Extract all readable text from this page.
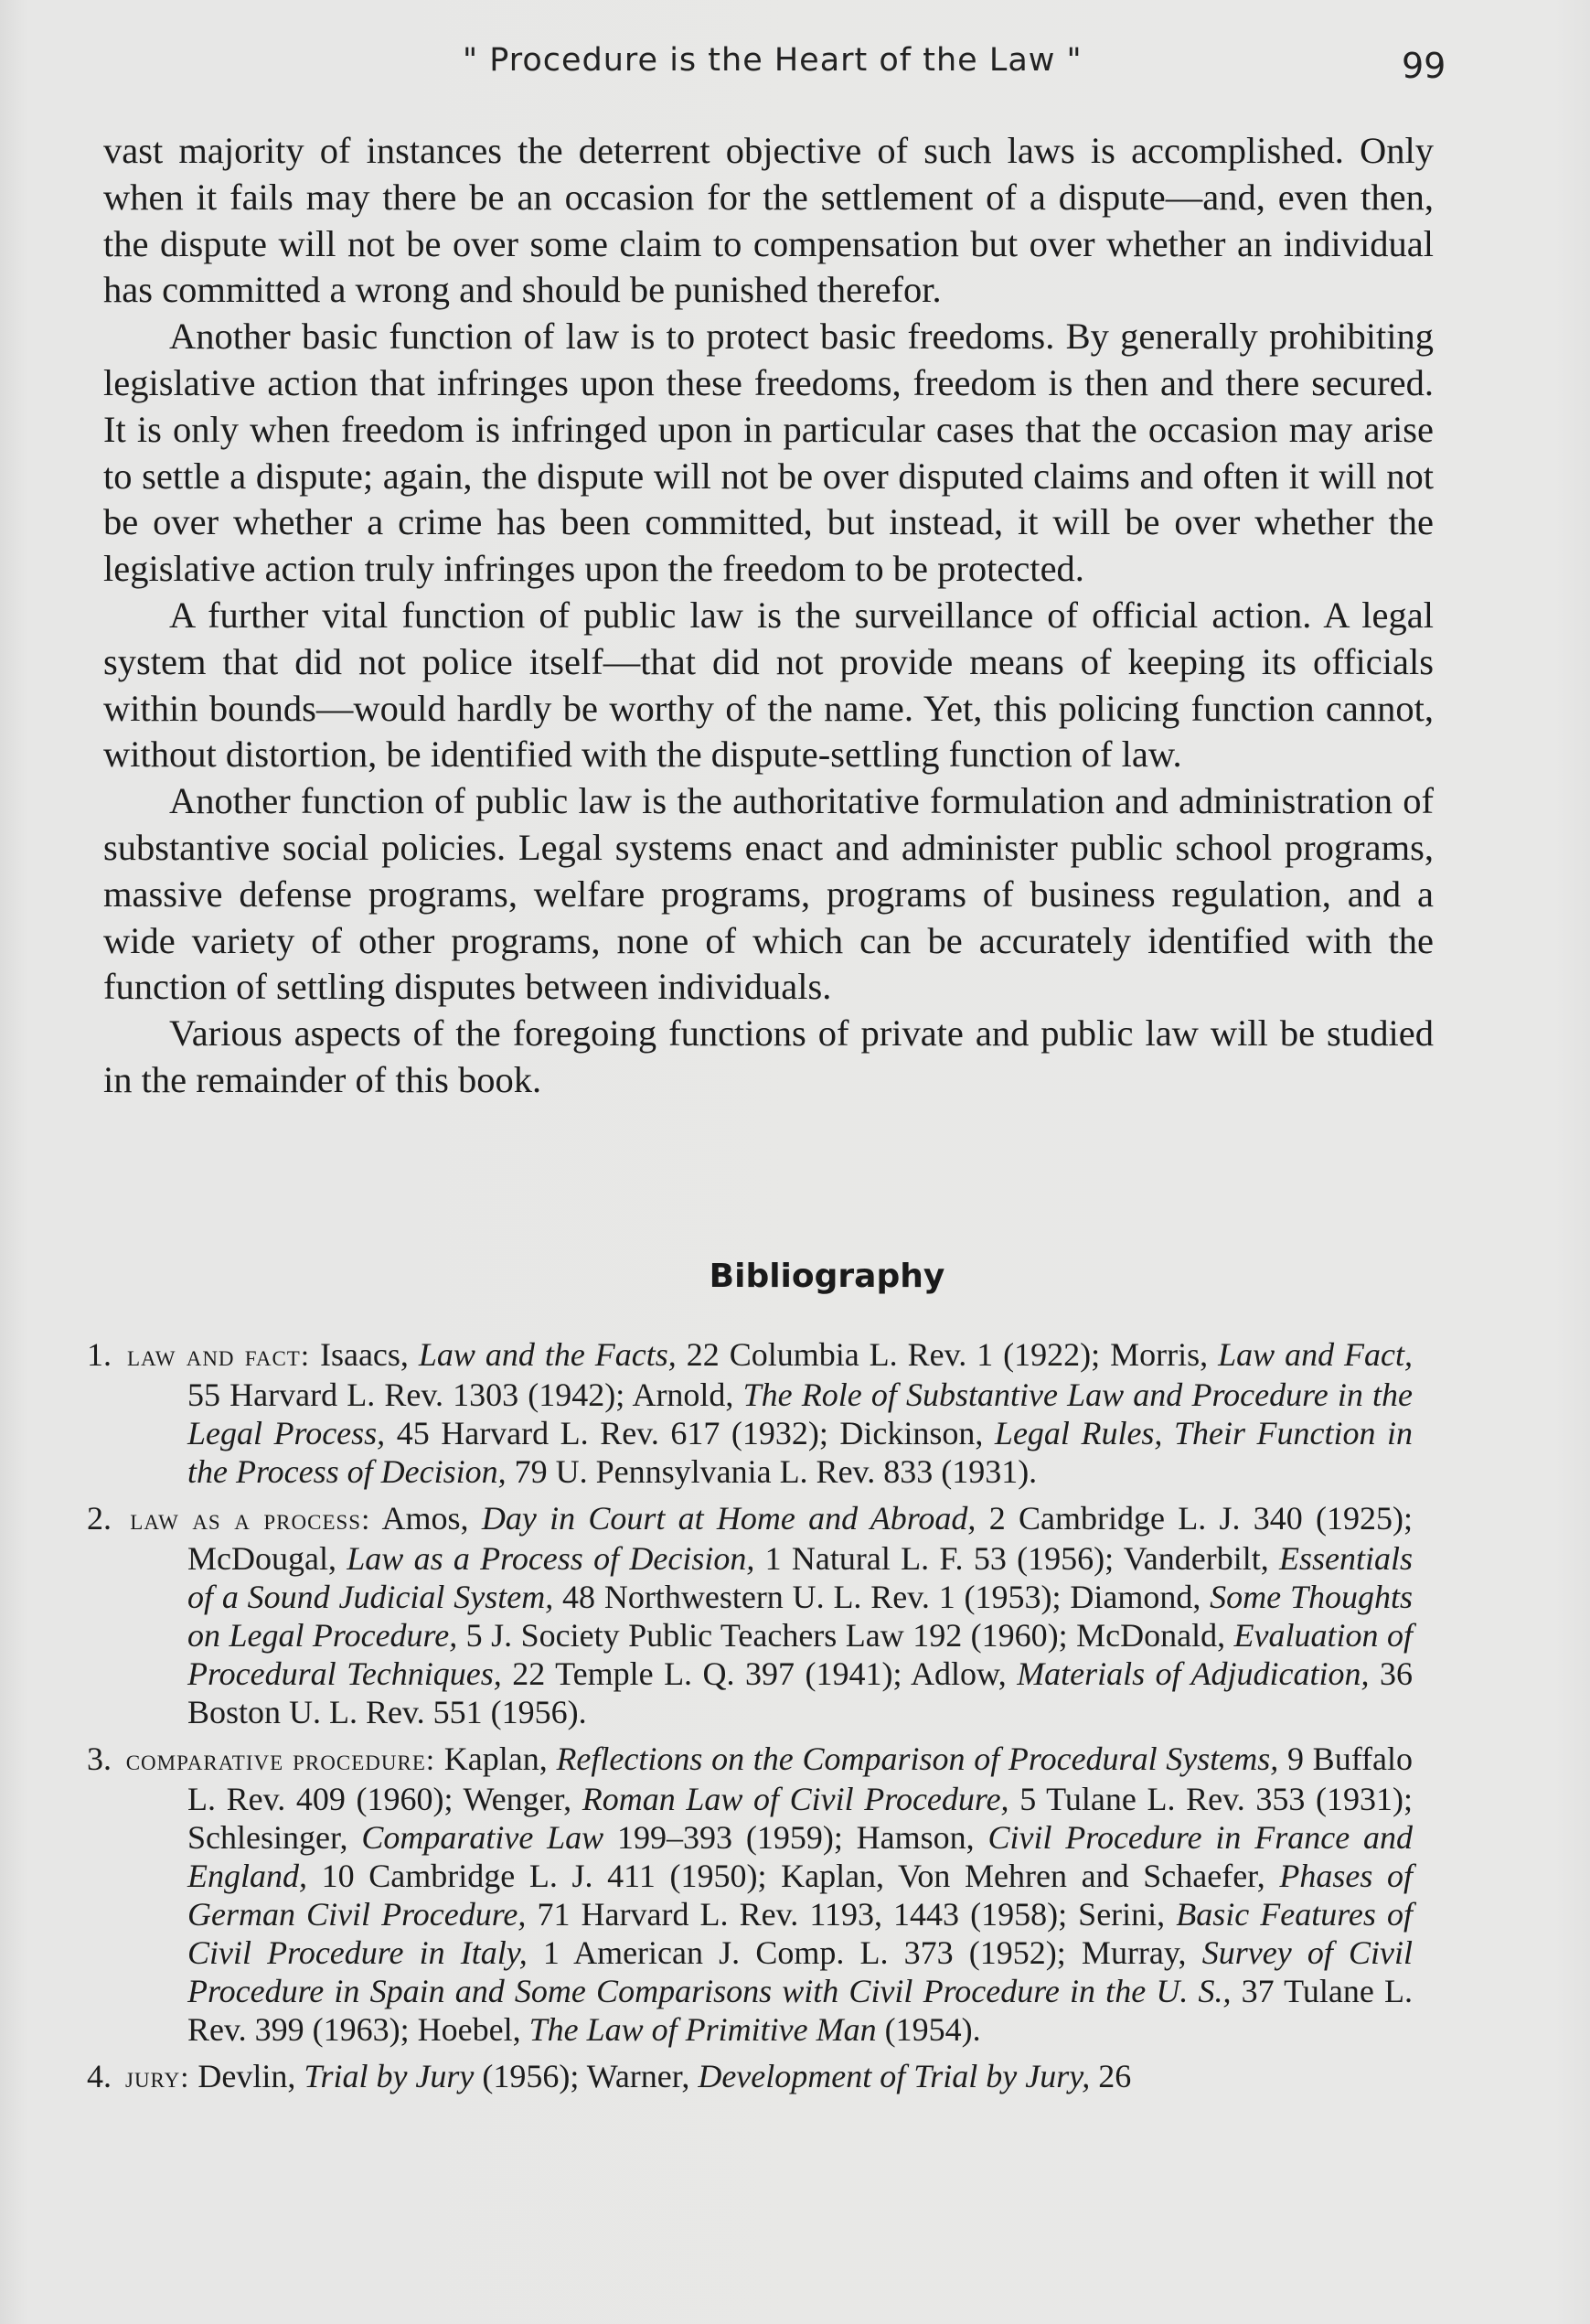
" Procedure is the Heart of the Law "	99

vast majority of instances the deterrent objective of such laws is accomplished. Only when it fails may there be an occasion for the settlement of a dispute—and, even then, the dispute will not be over some claim to compensation but over whether an individual has committed a wrong and should be punished therefor.

Another basic function of law is to protect basic freedoms. By generally prohibiting legislative action that infringes upon these freedoms, freedom is then and there secured. It is only when freedom is infringed upon in particular cases that the occasion may arise to settle a dispute; again, the dispute will not be over disputed claims and often it will not be over whether a crime has been committed, but instead, it will be over whether the legislative action truly infringes upon the freedom to be protected.

A further vital function of public law is the surveillance of official action. A legal system that did not police itself—that did not provide means of keeping its officials within bounds—would hardly be worthy of the name. Yet, this policing function cannot, without distortion, be identified with the dispute-settling function of law.

Another function of public law is the authoritative formulation and administration of substantive social policies. Legal systems enact and administer public school programs, massive defense programs, welfare programs, programs of business regulation, and a wide variety of other programs, none of which can be accurately identified with the function of settling disputes between individuals.

Various aspects of the foregoing functions of private and public law will be studied in the remainder of this book.

Bibliography
1. law and fact: Isaacs, Law and the Facts, 22 Columbia L. Rev. 1 (1922); Morris, Law and Fact, 55 Harvard L. Rev. 1303 (1942); Arnold, The Role of Substantive Law and Procedure in the Legal Process, 45 Harvard L. Rev. 617 (1932); Dickinson, Legal Rules, Their Function in the Process of Decision, 79 U. Pennsylvania L. Rev. 833 (1931).
2. law as a process: Amos, Day in Court at Home and Abroad, 2 Cambridge L. J. 340 (1925); McDougal, Law as a Process of Decision, 1 Natural L. F. 53 (1956); Vanderbilt, Essentials of a Sound Judicial System, 48 Northwestern U. L. Rev. 1 (1953); Diamond, Some Thoughts on Legal Procedure, 5 J. Society Public Teachers Law 192 (1960); McDonald, Evaluation of Procedural Techniques, 22 Temple L. Q. 397 (1941); Adlow, Materials of Adjudication, 36 Boston U. L. Rev. 551 (1956).
3. comparative procedure: Kaplan, Reflections on the Comparison of Procedural Systems, 9 Buffalo L. Rev. 409 (1960); Wenger, Roman Law of Civil Procedure, 5 Tulane L. Rev. 353 (1931); Schlesinger, Comparative Law 199–393 (1959); Hamson, Civil Procedure in France and England, 10 Cambridge L. J. 411 (1950); Kaplan, Von Mehren and Schaefer, Phases of German Civil Procedure, 71 Harvard L. Rev. 1193, 1443 (1958); Serini, Basic Features of Civil Procedure in Italy, 1 American J. Comp. L. 373 (1952); Murray, Survey of Civil Procedure in Spain and Some Comparisons with Civil Procedure in the U. S., 37 Tulane L. Rev. 399 (1963); Hoebel, The Law of Primitive Man (1954).
4. jury: Devlin, Trial by Jury (1956); Warner, Development of Trial by Jury, 26
